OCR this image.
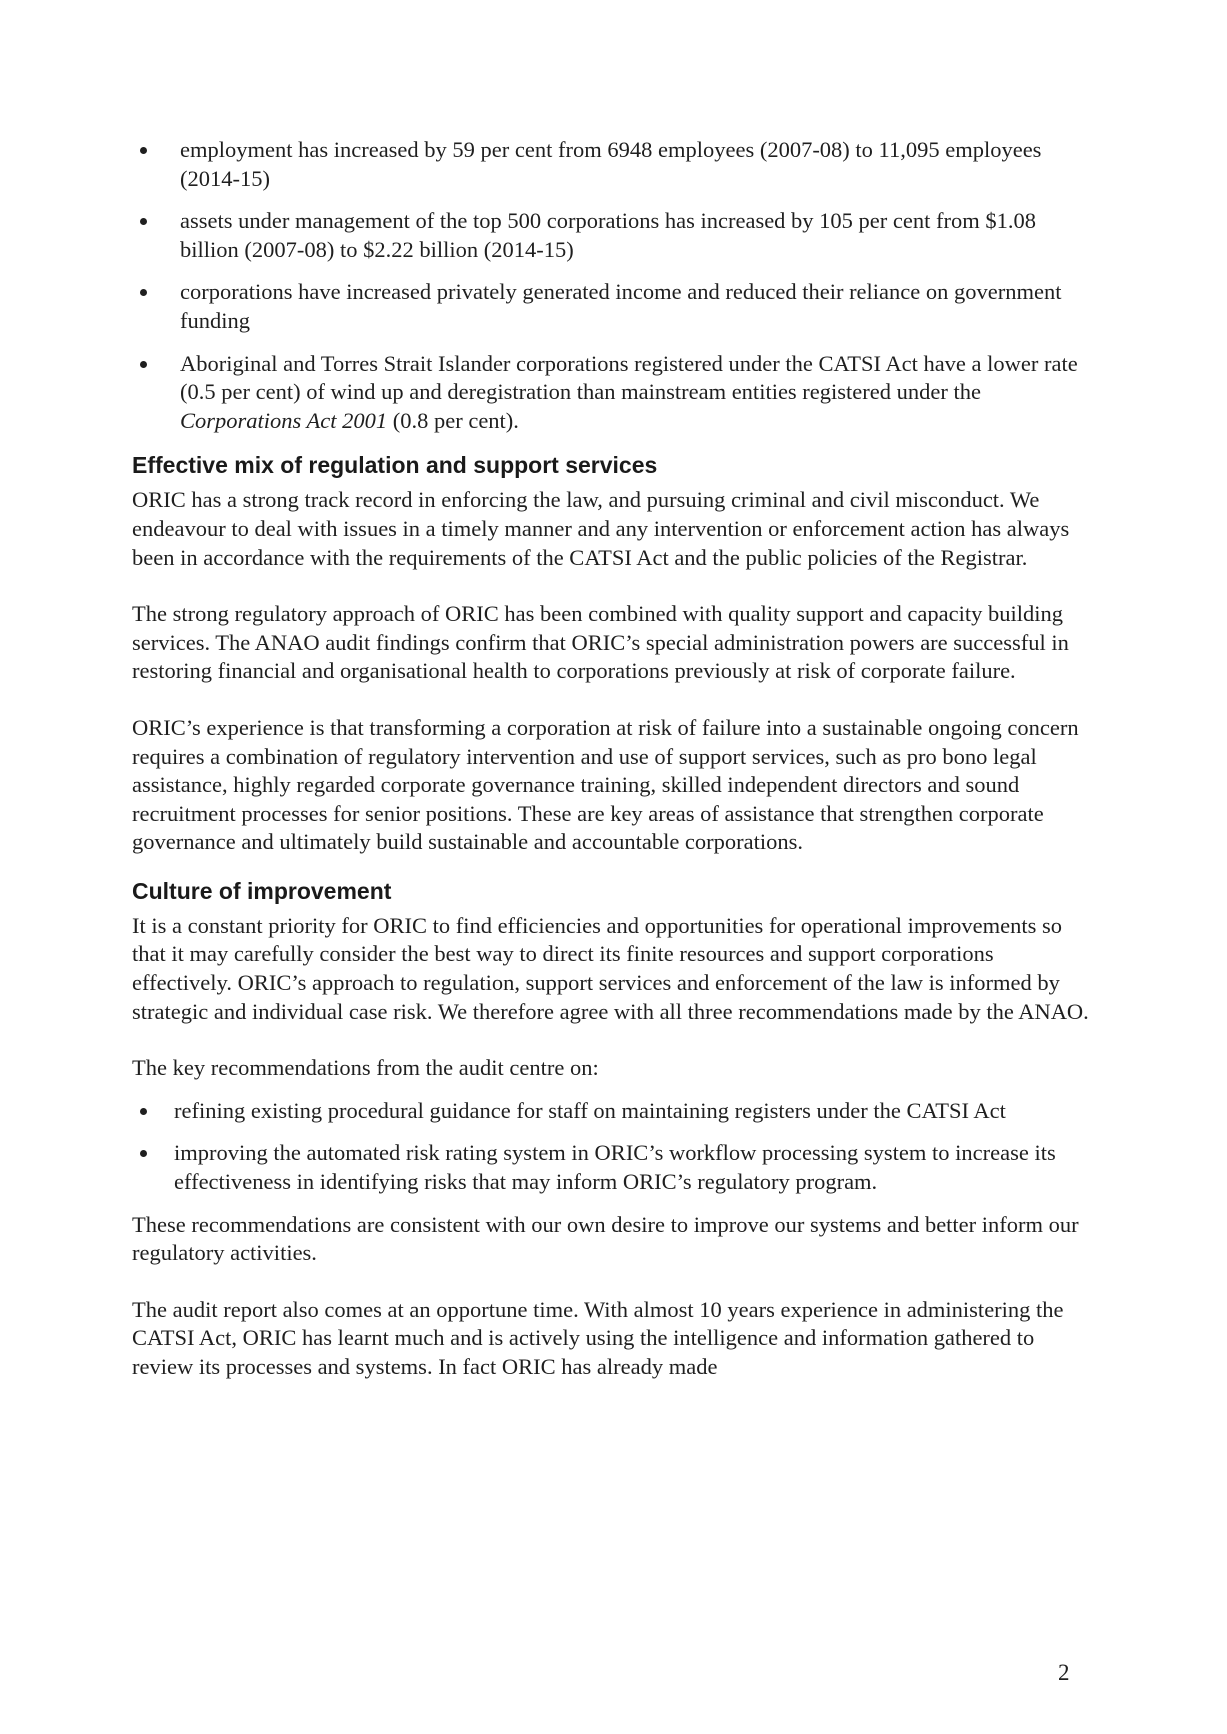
employment has increased by 59 per cent from 6948 employees (2007-08) to 11,095 employees (2014-15)
assets under management of the top 500 corporations has increased by 105 per cent from $1.08 billion (2007-08) to $2.22 billion (2014-15)
corporations have increased privately generated income and reduced their reliance on government funding
Aboriginal and Torres Strait Islander corporations registered under the CATSI Act have a lower rate (0.5 per cent) of wind up and deregistration than mainstream entities registered under the Corporations Act 2001 (0.8 per cent).
Effective mix of regulation and support services

ORIC has a strong track record in enforcing the law, and pursuing criminal and civil misconduct. We endeavour to deal with issues in a timely manner and any intervention or enforcement action has always been in accordance with the requirements of the CATSI Act and the public policies of the Registrar.

The strong regulatory approach of ORIC has been combined with quality support and capacity building services. The ANAO audit findings confirm that ORIC’s special administration powers are successful in restoring financial and organisational health to corporations previously at risk of corporate failure.

ORIC’s experience is that transforming a corporation at risk of failure into a sustainable ongoing concern requires a combination of regulatory intervention and use of support services, such as pro bono legal assistance, highly regarded corporate governance training, skilled independent directors and sound recruitment processes for senior positions. These are key areas of assistance that strengthen corporate governance and ultimately build sustainable and accountable corporations.

Culture of improvement

It is a constant priority for ORIC to find efficiencies and opportunities for operational improvements so that it may carefully consider the best way to direct its finite resources and support corporations effectively. ORIC’s approach to regulation, support services and enforcement of the law is informed by strategic and individual case risk. We therefore agree with all three recommendations made by the ANAO.

The key recommendations from the audit centre on:

refining existing procedural guidance for staff on maintaining registers under the CATSI Act
improving the automated risk rating system in ORIC’s workflow processing system to increase its effectiveness in identifying risks that may inform ORIC’s regulatory program.

These recommendations are consistent with our own desire to improve our systems and better inform our regulatory activities.

The audit report also comes at an opportune time. With almost 10 years experience in administering the CATSI Act, ORIC has learnt much and is actively using the intelligence and information gathered to review its processes and systems. In fact ORIC has already made

2
